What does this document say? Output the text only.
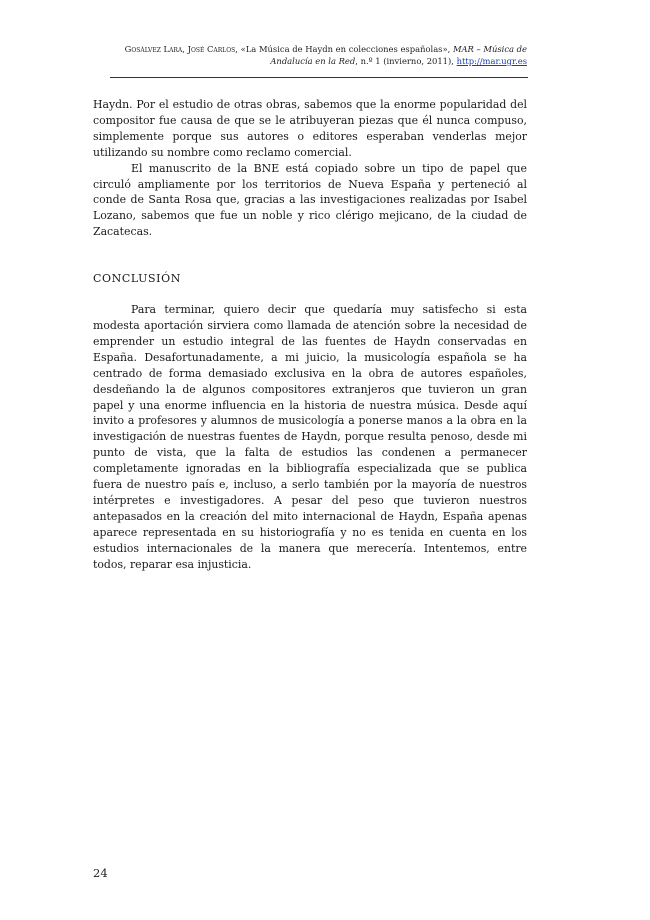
Gosálvez Lara, José Carlos, «La Música de Haydn en colecciones españolas», MAR – Música de Andalucía en la Red, n.º 1 (invierno, 2011), http://mar.ugr.es

Haydn. Por el estudio de otras obras, sabemos que la enorme popularidad del compositor fue causa de que se le atribuyeran piezas que él nunca compuso, simplemente porque sus autores o editores esperaban venderlas mejor utilizando su nombre como reclamo comercial.

El manuscrito de la BNE está copiado sobre un tipo de papel que circuló ampliamente por los territorios de Nueva España y perteneció al conde de Santa Rosa que, gracias a las investigaciones realizadas por Isabel Lozano, sabemos que fue un noble y rico clérigo mejicano, de la ciudad de Zacatecas.

CONCLUSIÓN

Para terminar, quiero decir que quedaría muy satisfecho si esta modesta aportación sirviera como llamada de atención sobre la necesidad de emprender un estudio integral de las fuentes de Haydn conservadas en España. Desafortunadamente, a mi juicio, la musicología española se ha centrado de forma demasiado exclusiva en la obra de autores españoles, desdeñando la de algunos compositores extranjeros que tuvieron un gran papel y una enorme influencia en la historia de nuestra música. Desde aquí invito a profesores y alumnos de musicología a ponerse manos a la obra en la investigación de nuestras fuentes de Haydn, porque resulta penoso, desde mi punto de vista, que la falta de estudios las condenen a permanecer completamente ignoradas en la bibliografía especializada que se publica fuera de nuestro país e, incluso, a serlo también por la mayoría de nuestros intérpretes e investigadores. A pesar del peso que tuvieron nuestros antepasados en la creación del mito internacional de Haydn, España apenas aparece representada en su historiografía y no es tenida en cuenta en los estudios internacionales de la manera que merecería. Intentemos, entre todos, reparar esa injusticia.

24
